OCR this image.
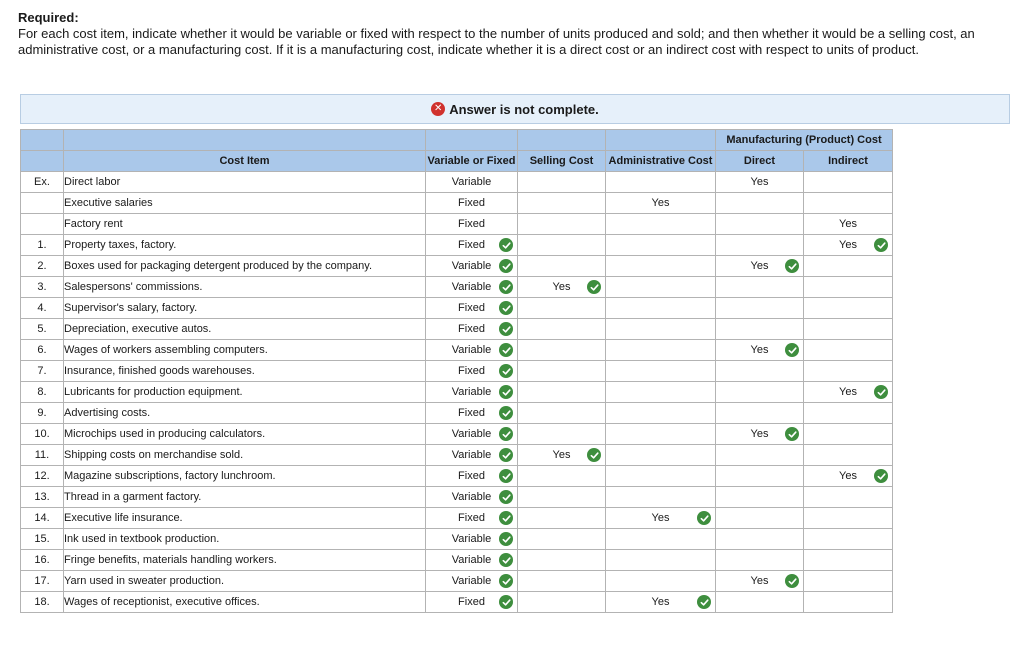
Required:
For each cost item, indicate whether it would be variable or fixed with respect to the number of units produced and sold; and then whether it would be a selling cost, an administrative cost, or a manufacturing cost. If it is a manufacturing cost, indicate whether it is a direct cost or an indirect cost with respect to units of product.
✕ Answer is not complete.
					Manufacturing (Product) Cost	
	Cost Item	Variable or Fixed	Selling Cost	Administrative Cost	Direct	Indirect
Ex.	Direct labor	Variable			Yes	

	Executive salaries	Fixed		Yes		

	Factory rent	Fixed				Yes

1.	Property taxes, factory.	Fixed				Yes

2.	Boxes used for packaging detergent produced by the company.	Variable			Yes	

3.	Salespersons' commissions.	Variable	Yes			

4.	Supervisor's salary, factory.	Fixed				

5.	Depreciation, executive autos.	Fixed				

6.	Wages of workers assembling computers.	Variable			Yes	

7.	Insurance, finished goods warehouses.	Fixed				

8.	Lubricants for production equipment.	Variable				Yes

9.	Advertising costs.	Fixed				

10.	Microchips used in producing calculators.	Variable			Yes	

11.	Shipping costs on merchandise sold.	Variable	Yes			

12.	Magazine subscriptions, factory lunchroom.	Fixed				Yes

13.	Thread in a garment factory.	Variable				

14.	Executive life insurance.	Fixed		Yes		

15.	Ink used in textbook production.	Variable				

16.	Fringe benefits, materials handling workers.	Variable				

17.	Yarn used in sweater production.	Variable			Yes	

18.	Wages of receptionist, executive offices.	Fixed		Yes		
